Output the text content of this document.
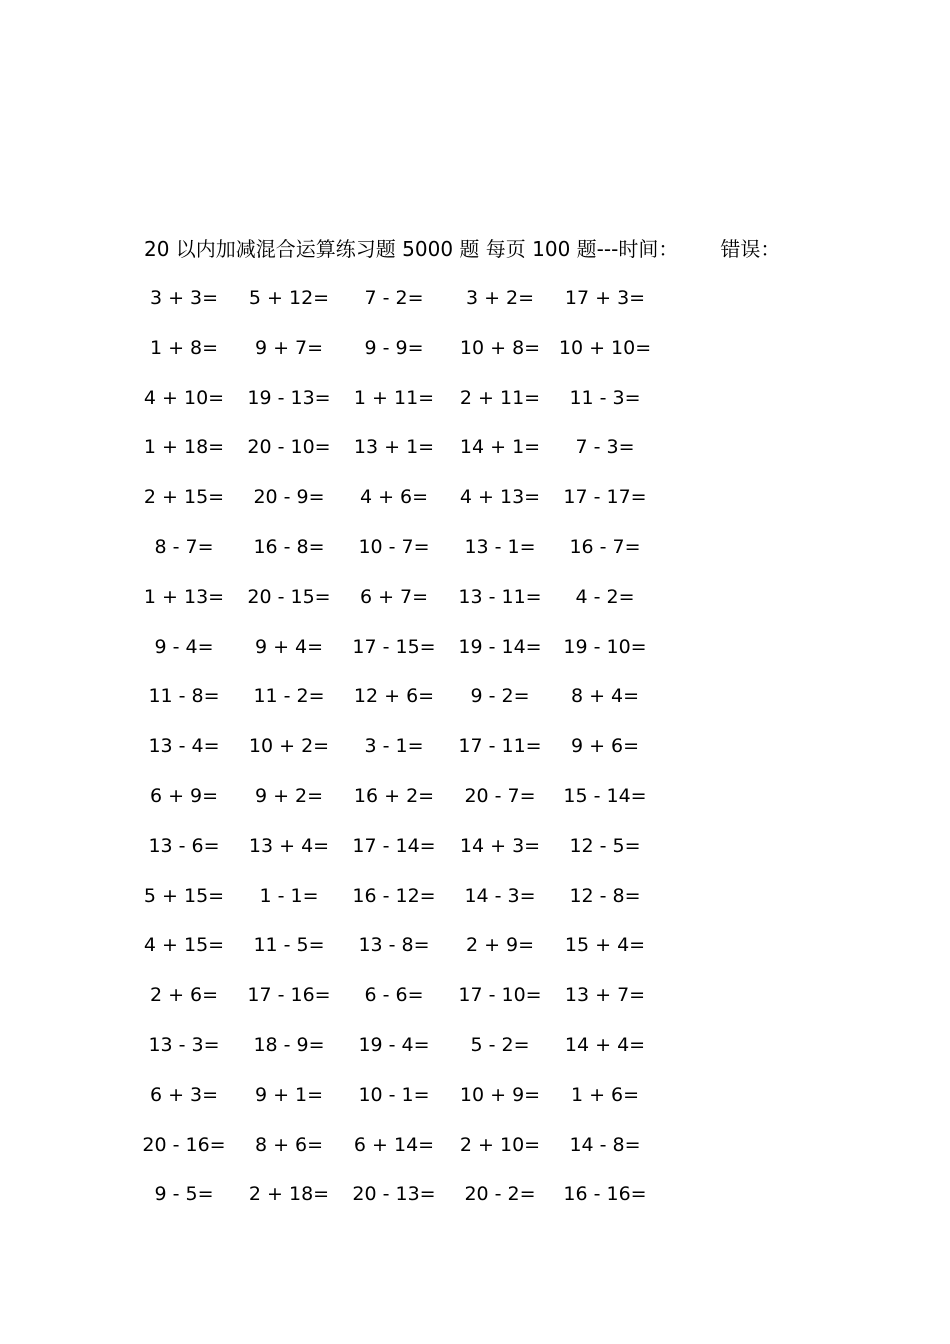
20 以内加减混合运算练习题 5000 题 每页 100 题---时间： 错误：
3 + 3=	5 + 12=	7 - 2=	3 + 2=	17 + 3=
1 + 8=	9 + 7=	9 - 9=	10 + 8= 10 + 10=
4 + 10=	19 - 13=	1 + 11=	2 + 11=	11 - 3=
1 + 18=	20 - 10=	13 + 1=	14 + 1=	7 - 3=
2 + 15=	20 - 9=	4 + 6=	4 + 13=	17 - 17=
8 - 7=	16 - 8=	10 - 7=	13 - 1=	16 - 7=
1 + 13=	20 - 15=	6 + 7=	13 - 11=	4 - 2=
9 - 4=	9 + 4=	17 - 15=	19 - 14=	19 - 10=
11 - 8=	11 - 2=	12 + 6=	9 - 2=	8 + 4=
13 - 4=	10 + 2=	3 - 1=	17 - 11=	9 + 6=
6 + 9=	9 + 2=	16 + 2=	20 - 7=	15 - 14=
13 - 6=	13 + 4=	17 - 14=	14 + 3=	12 - 5=
5 + 15=	1 - 1=	16 - 12=	14 - 3=	12 - 8=
4 + 15=	11 - 5=	13 - 8=	2 + 9=	15 + 4=
2 + 6=	17 - 16=	6 - 6=	17 - 10=	13 + 7=
13 - 3=	18 - 9=	19 - 4=	5 - 2=	14 + 4=
6 + 3=	9 + 1=	10 - 1=	10 + 9=	1 + 6=
20 - 16=	8 + 6=	6 + 14=	2 + 10=	14 - 8=
9 - 5=	2 + 18=	20 - 13=	20 - 2=	16 - 16=
